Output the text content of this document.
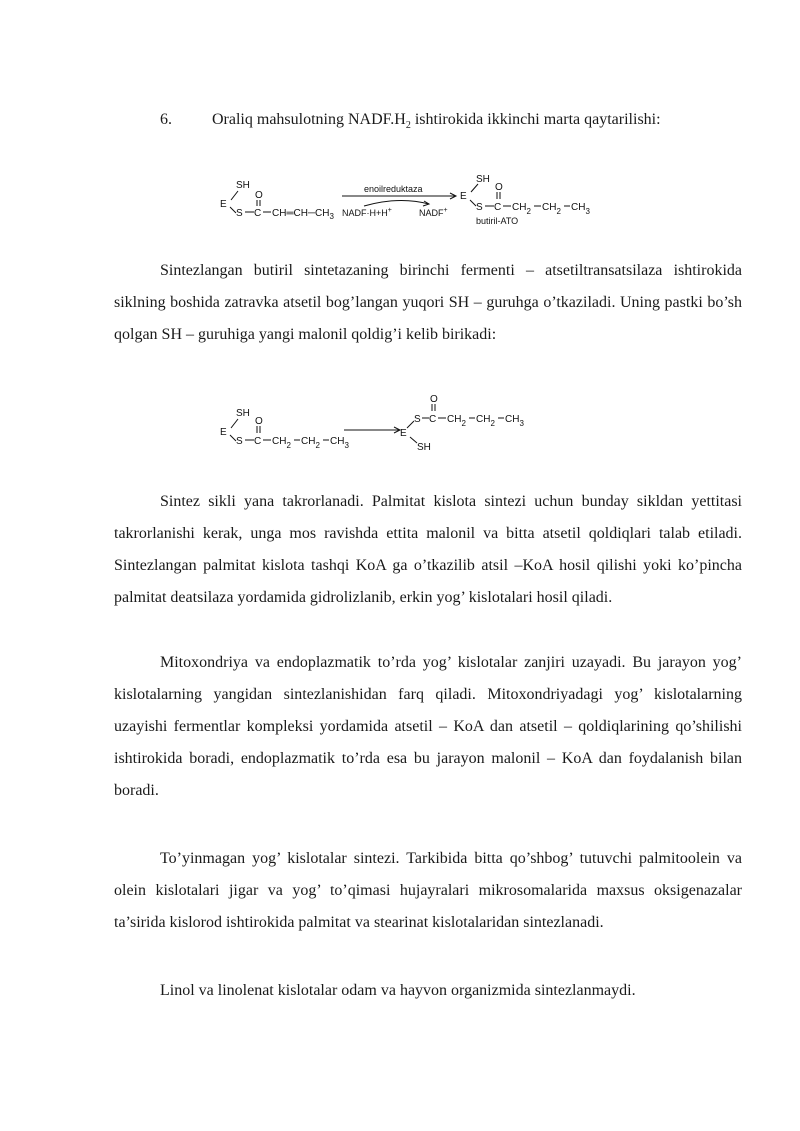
6.	Oraliq mahsulotning $NADF.H_2$ ishtirokida ikkinchi marta qaytarilishi:

SH
E
S
O
C $CH═CH─CH_3$
enoilreduktaza
NADF·H+H+	NADF+
SH
E
S
O
C $CH_2$ $CH_2$ $CH_3$
butiril-ATO

Sintezlangan butiril sintetazaning birinchi fermenti – atsetiltransatsilaza ishtirokida siklning boshida zatravka atsetil bog’langan yuqori SH – guruhga o’tkaziladi. Uning pastki bo’sh qolgan SH – guruhiga yangi malonil qoldig’i kelib birikadi:

SH
E
S
O
C $CH_2$ $CH_2$ $CH_3$
O
S C $CH_2$ $CH_2$ $CH_3$
E
SH

Sintez sikli yana takrorlanadi. Palmitat kislota sintezi uchun bunday sikldan yettitasi takrorlanishi kerak, unga mos ravishda ettita malonil va bitta atsetil qoldiqlari talab etiladi. Sintezlangan palmitat kislota tashqi KoA ga o’tkazilib atsil –KoA hosil qilishi yoki ko’pincha palmitat deatsilaza yordamida gidrolizlanib, erkin yog’ kislotalari hosil qiladi.

Mitoxondriya va endoplazmatik to’rda yog’ kislotalar zanjiri uzayadi. Bu jarayon yog’ kislotalarning yangidan sintezlanishidan farq qiladi. Mitoxondriyadagi yog’ kislotalarning uzayishi fermentlar kompleksi yordamida atsetil – KoA dan atsetil – qoldiqlarining qo’shilishi ishtirokida boradi, endoplazmatik to’rda esa bu jarayon malonil – KoA dan foydalanish bilan boradi.

To’yinmagan yog’ kislotalar sintezi. Tarkibida bitta qo’shbog’ tutuvchi palmitoolein va olein kislotalari jigar va yog’ to’qimasi hujayralari mikrosomalarida maxsus oksigenazalar ta’sirida kislorod ishtirokida palmitat va stearinat kislotalaridan sintezlanadi.

Linol va linolenat kislotalar odam va hayvon organizmida sintezlanmaydi.
